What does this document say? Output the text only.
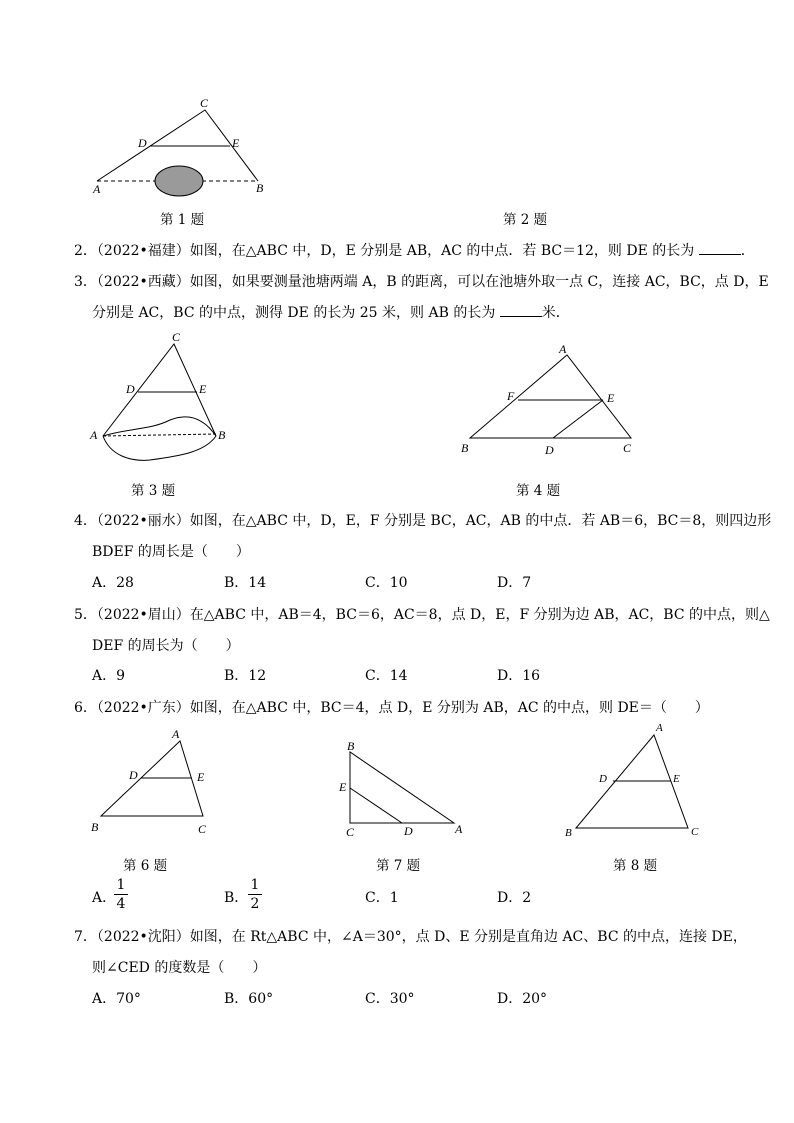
C
D	E
A	B
第 1 题	第 2 题
2．（2022•福建）如图，在△ABC 中，D，E 分别是 AB，AC 的中点．若 BC＝12，则 DE 的长为	．
3．（2022•西藏）如图，如果要测量池塘两端 A，B 的距离，可以在池塘外取一点 C，连接 AC，BC，点 D，E
分别是 AC，BC 的中点，测得 DE 的长为 25 米，则 AB 的长为	米．
C
D	E
A	B
第 3 题
A
F	E
B	D	C
第 4 题
4．（2022•丽水）如图，在△ABC 中，D，E，F 分别是 BC，AC，AB 的中点．若 AB＝6，BC＝8，则四边形
BDEF 的周长是（　　）
A．28	B．14	C．10	D．7
5．（2022•眉山）在△ABC 中，AB＝4，BC＝6，AC＝8，点 D，E，F 分别为边 AB，AC，BC 的中点，则△
DEF 的周长为（　　）
A．9	B．12	C．14	D．16
6．（2022•广东）如图，在△ABC 中，BC＝4，点 D，E 分别为 AB，AC 的中点，则 DE＝（　　）
A
D	E
B	C
第 6 题
B
E
C	D	A
第 7 题
A
D	E
B	C
第 8 题
A．
1
4	B．
1
2	C．1	D．2
7．（2022•沈阳）如图，在 Rt△ABC 中，∠A＝30°，点 D、E 分别是直角边 AC、BC 的中点，连接 DE，
则∠CED 的度数是（　　）
A．70°	B．60°	C．30°	D．20°
